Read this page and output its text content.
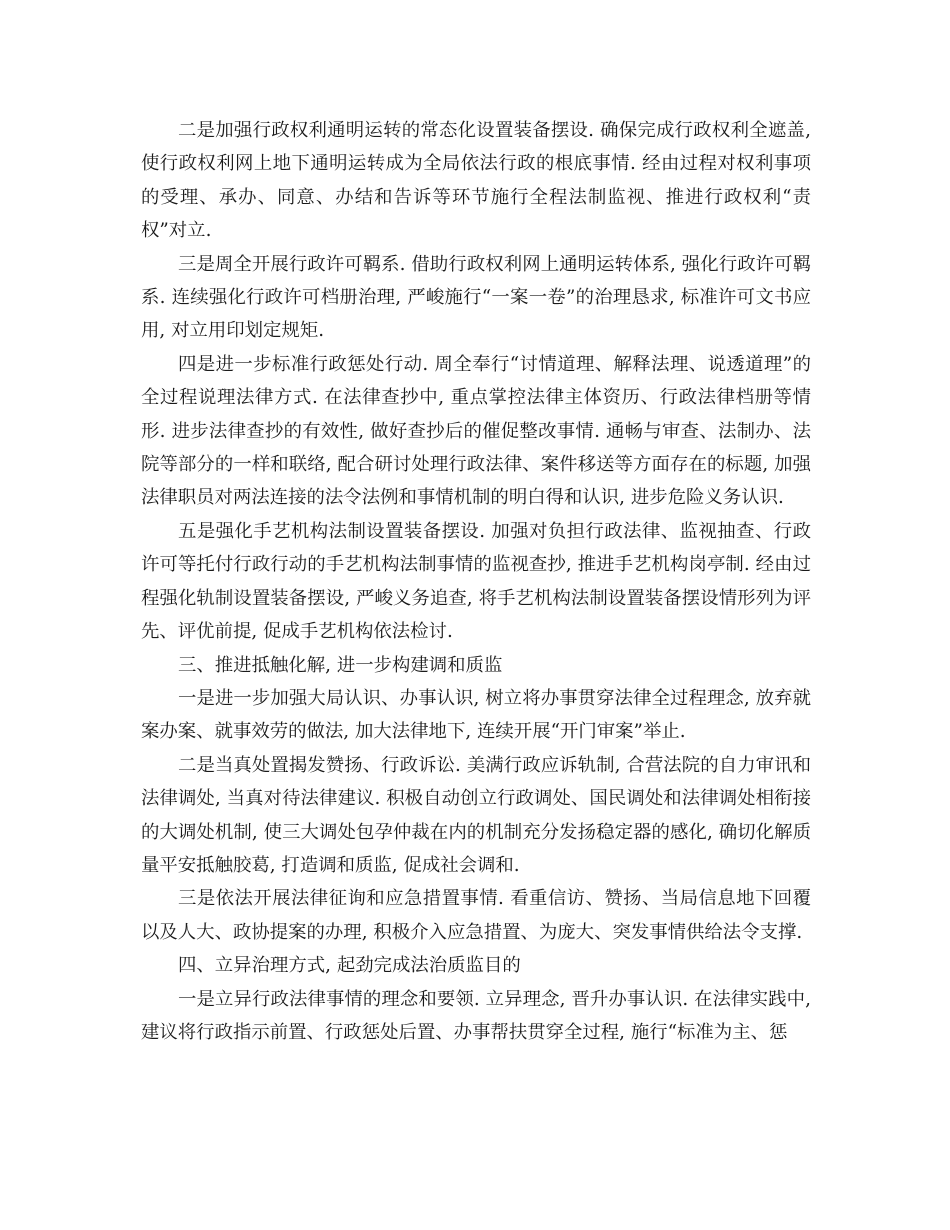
二是加强行政权利通明运转的常态化设置装备摆设. 确保完成行政权利全遮盖, 使行政权利网上地下通明运转成为全局依法行政的根底事情. 经由过程对权利事项的受理、承办、同意、办结和告诉等环节施行全程法制监视、推进行政权利“责权”对立.

三是周全开展行政许可羁系. 借助行政权利网上通明运转体系, 强化行政许可羁系. 连续强化行政许可档册治理, 严峻施行“一案一卷”的治理恳求, 标准许可文书应用, 对立用印划定规矩.

四是进一步标准行政惩处行动. 周全奉行“讨情道理、解释法理、说透道理”的全过程说理法律方式. 在法律查抄中, 重点掌控法律主体资历、行政法律档册等情形. 进步法律查抄的有效性, 做好查抄后的催促整改事情. 通畅与审查、法制办、法院等部分的一样和联络, 配合研讨处理行政法律、案件移送等方面存在的标题, 加强法律职员对两法连接的法令法例和事情机制的明白得和认识, 进步危险义务认识.

五是强化手艺机构法制设置装备摆设. 加强对负担行政法律、监视抽查、行政许可等托付行政行动的手艺机构法制事情的监视查抄, 推进手艺机构岗亭制. 经由过程强化轨制设置装备摆设, 严峻义务追查, 将手艺机构法制设置装备摆设情形列为评先、评优前提, 促成手艺机构依法检讨.

三、推进抵触化解, 进一步构建调和质监

一是进一步加强大局认识、办事认识, 树立将办事贯穿法律全过程理念, 放弃就案办案、就事效劳的做法, 加大法律地下, 连续开展“开门审案”举止.

二是当真处置揭发赞扬、行政诉讼. 美满行政应诉轨制, 合营法院的自力审讯和法律调处, 当真对待法律建议. 积极自动创立行政调处、国民调处和法律调处相衔接的大调处机制, 使三大调处包孕仲裁在内的机制充分发扬稳定器的感化, 确切化解质量平安抵触胶葛, 打造调和质监, 促成社会调和.

三是依法开展法律征询和应急措置事情. 看重信访、赞扬、当局信息地下回覆以及人大、政协提案的办理, 积极介入应急措置、为庞大、突发事情供给法令支撑.

四、立异治理方式, 起劲完成法治质监目的

一是立异行政法律事情的理念和要领. 立异理念, 晋升办事认识. 在法律实践中, 建议将行政指示前置、行政惩处后置、办事帮扶贯穿全过程, 施行“标准为主、惩
